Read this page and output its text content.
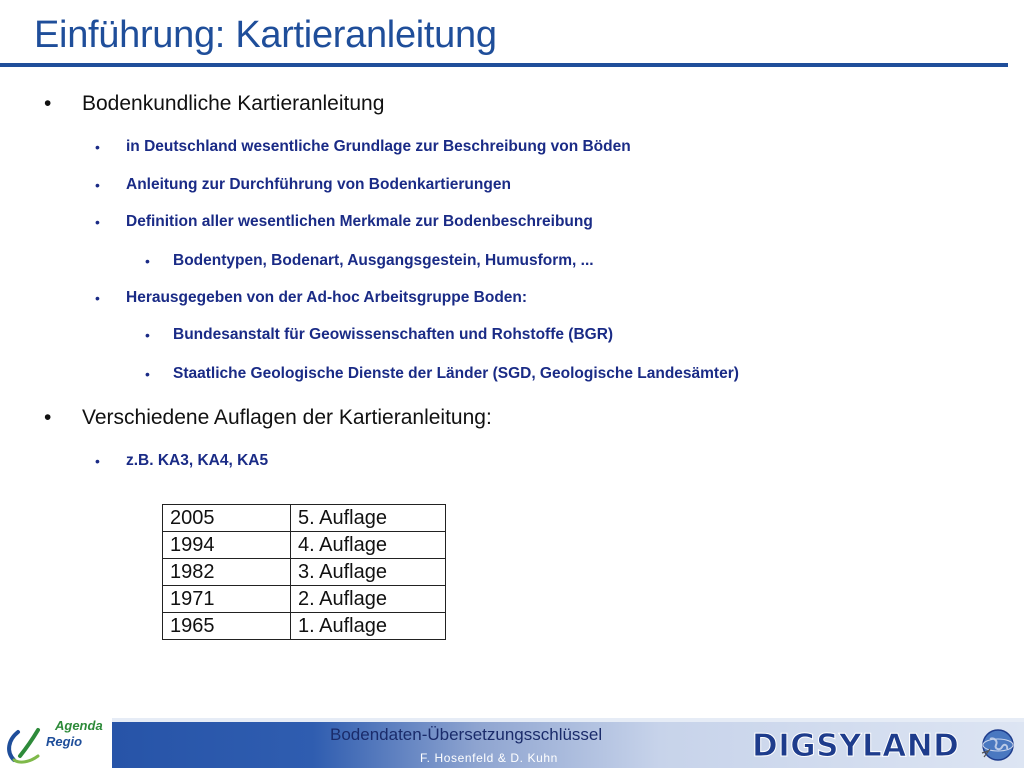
Einführung: Kartieranleitung
• Bodenkundliche Kartieranleitung
• in Deutschland wesentliche Grundlage zur Beschreibung von Böden
• Anleitung zur Durchführung von Bodenkartierungen
• Definition aller wesentlichen Merkmale zur Bodenbeschreibung
• Bodentypen, Bodenart, Ausgangsgestein, Humusform, ...
• Herausgegeben von der Ad-hoc Arbeitsgruppe Boden:
• Bundesanstalt für Geowissenschaften und Rohstoffe (BGR)
• Staatliche Geologische Dienste der Länder (SGD, Geologische Landesämter)
• Verschiedene Auflagen der Kartieranleitung:
• z.B. KA3, KA4, KA5
2005	5. Auflage
1994	4. Auflage
1982	3. Auflage
1971	2. Auflage
1965	1. Auflage
Agenda
Regio	Bodendaten-Übersetzungsschlüssel
F. Hosenfeld & D. Kuhn	DIGSYLAND
